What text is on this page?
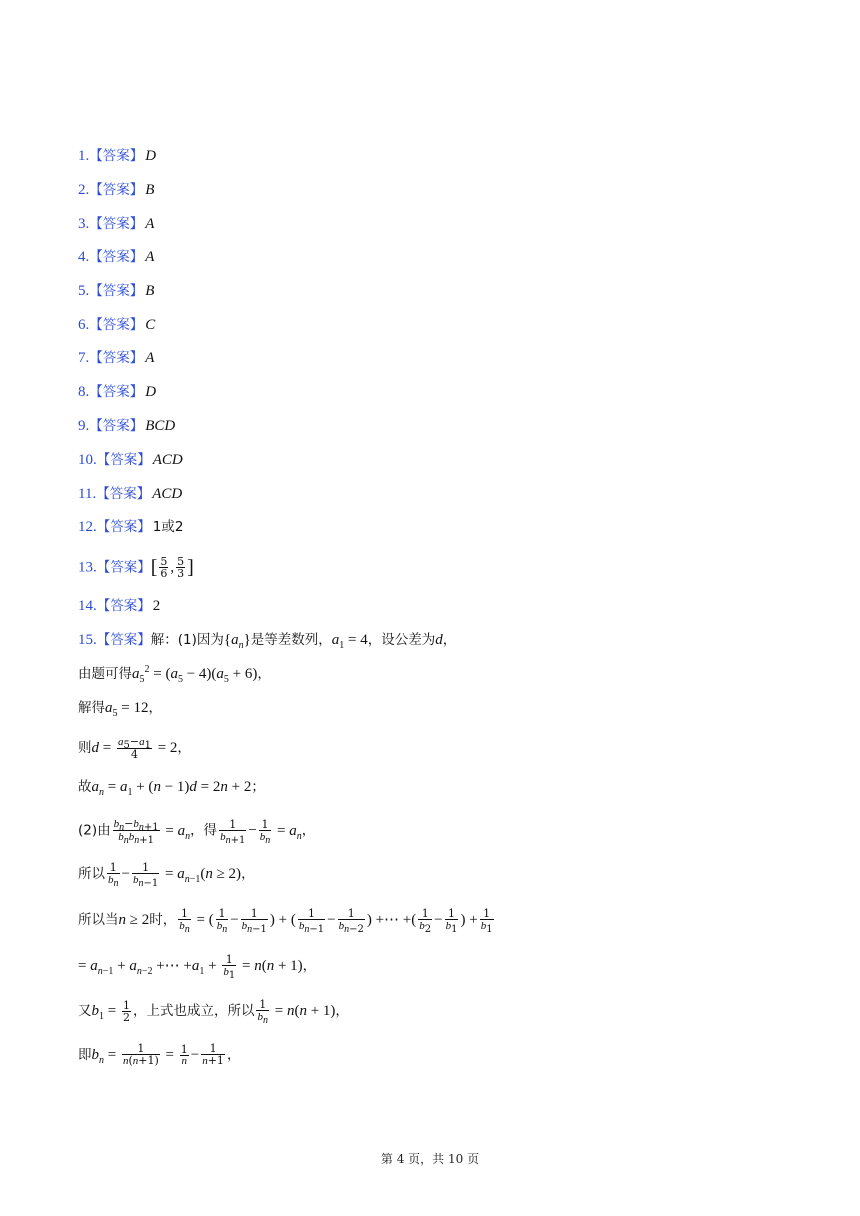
1.【答案】 D
2.【答案】 B
3.【答案】 A
4.【答案】 A
5.【答案】 B
6.【答案】 C
7.【答案】 A
8.【答案】 D
9.【答案】 BCD
10.【答案】 ACD
11.【答案】 ACD
12.【答案】 1或2
13.【答案】[ $\frac{5}{6}$ , $\frac{5}{3}$ ]
14.【答案】 2
15.【答案】解：(1)因为$\{a_n\}$是等差数列，$a_1 = 4$，设公差为d，
由题可得$a_5^2 = (a_5 - 4)(a_5 + 6)$，
解得$a_5 = 12$，
则$d = \frac{a_5-a_1}{4} = 2$，
故$a_n = a_1 + (n - 1)d = 2n + 2$；
(2)由 $\frac{b_n-b_{n+1}}{b_nb_{n+1}} = a_n$，得 $\frac{1}{b_{n+1}} - \frac{1}{b_n} = a_n$，
所以 $\frac{1}{b_n} - \frac{1}{b_{n-1}} = a_{n-1}(n \ge 2)$，
所以当n ≥ 2时， $\frac{1}{b_n}$ = ( $\frac{1}{b_n} - \frac{1}{b_{n-1}}$ ) + ( $\frac{1}{b_{n-1}} - \frac{1}{b_{n-2}}$ ) +⋯ +( $\frac{1}{b_2} - \frac{1}{b_1}$ ) + $\frac{1}{b_1}$
= $a_{n-1} + a_{n-2}$ +⋯ $+a_1 + \frac{1}{b_1} = n(n + 1)$，
又$b_1 = \frac{1}{2}$ ，上式也成立，所以 $\frac{1}{b_n} = n(n + 1)$，
即$b_n = \frac{1}{n(n+1)} = \frac{1}{n} - \frac{1}{n+1}$ ，
第 4 页，共 10 页
